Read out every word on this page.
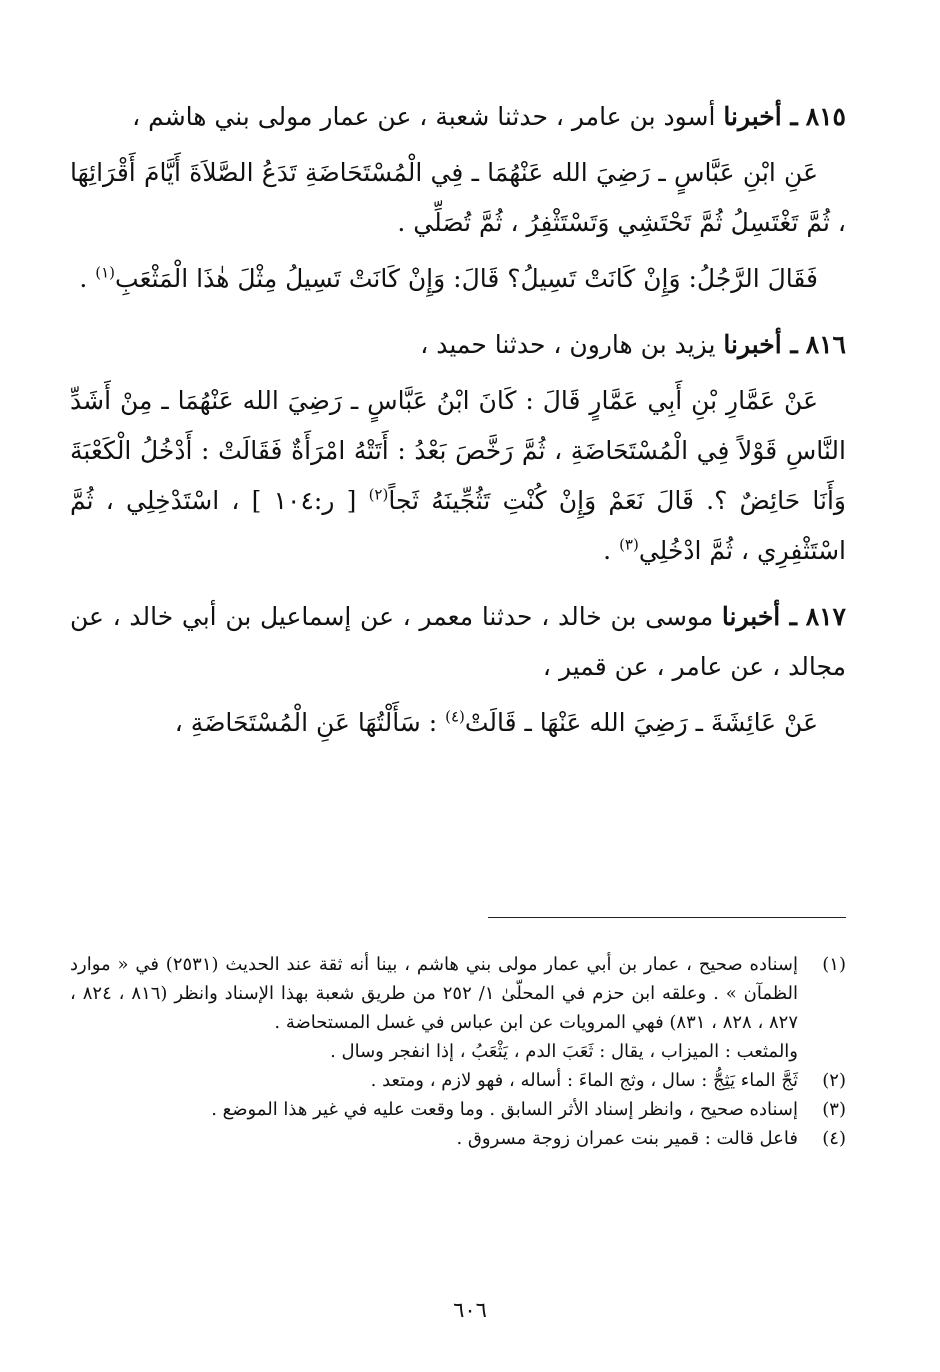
٨١٥ ـ أخبرنا أسود بن عامر ، حدثنا شعبة ، عن عمار مولى بني هاشم ،

عَنِ ابْنِ عَبَّاسٍ ـ رَضِيَ الله عَنْهُمَا ـ فِي الْمُسْتَحَاضَةِ تَدَعُ الصَّلاَةَ أَيَّامَ أَقْرَائِهَا ، ثُمَّ تَغْتَسِلُ ثُمَّ تَحْتَشِي وَتَسْتَثْفِرُ ، ثُمَّ تُصَلِّي .

فَقَالَ الرَّجُلُ: وَإِنْ كَانَتْ تَسِيلُ؟ قَالَ: وَإِنْ كَانَتْ تَسِيلُ مِثْلَ هٰذَا الْمَثْعَبِ$^{(١)}$ .

٨١٦ ـ أخبرنا يزيد بن هارون ، حدثنا حميد ،

عَنْ عَمَّارِ بْنِ أَبِي عَمَّارٍ قَالَ : كَانَ ابْنُ عَبَّاسٍ ـ رَضِيَ الله عَنْهُمَا ـ مِنْ أَشَدِّ النَّاسِ قَوْلاً فِي الْمُسْتَحَاضَةِ ، ثُمَّ رَخَّصَ بَعْدُ : أَتَتْهُ امْرَأَةٌ فَقَالَتْ : أَدْخُلُ الْكَعْبَةَ وَأَنَا حَائِضٌ ؟. قَالَ نَعَمْ وَإِنْ كُنْتِ تَثُجِّينَهُ ثَجاً$^{(٢)}$ [ ر:١٠٤ ] ، اسْتَدْخِلِي ، ثُمَّ اسْتَثْفِرِي ، ثُمَّ ادْخُلِي$^{(٣)}$ .

٨١٧ ـ أخبرنا موسى بن خالد ، حدثنا معمر ، عن إسماعيل بن أبي خالد ، عن مجالد ، عن عامر ، عن قمير ،

عَنْ عَائِشَةَ ـ رَضِيَ الله عَنْهَا ـ قَالَتْ$^{(٤)}$ : سَأَلْتُهَا عَنِ الْمُسْتَحَاضَةِ ،

(١)
إسناده صحيح ، عمار بن أبي عمار مولى بني هاشم ، بينا أنه ثقة عند الحديث (٢٥٣١) في « موارد الظمآن » . وعلقه ابن حزم في المحلّىٰ ١/ ٢٥٢ من طريق شعبة بهذا الإسناد وانظر (٨١٦ ، ٨٢٤ ، ٨٢٧ ، ٨٢٨ ، ٨٣١) فهي المرويات عن ابن عباس في غسل المستحاضة .
والمثعب : الميزاب ، يقال : ثَعَبَ الدم ، يَثْعَبُ ، إذا انفجر وسال .
(٢)
ثَجَّ الماء يَثِجُّ : سال ، وثج الماءَ : أساله ، فهو لازم ، ومتعد .
(٣)
إسناده صحيح ، وانظر إسناد الأثر السابق . وما وقعت عليه في غير هذا الموضع .
(٤)
فاعل قالت : قمير بنت عمران زوجة مسروق .
٦٠٦
